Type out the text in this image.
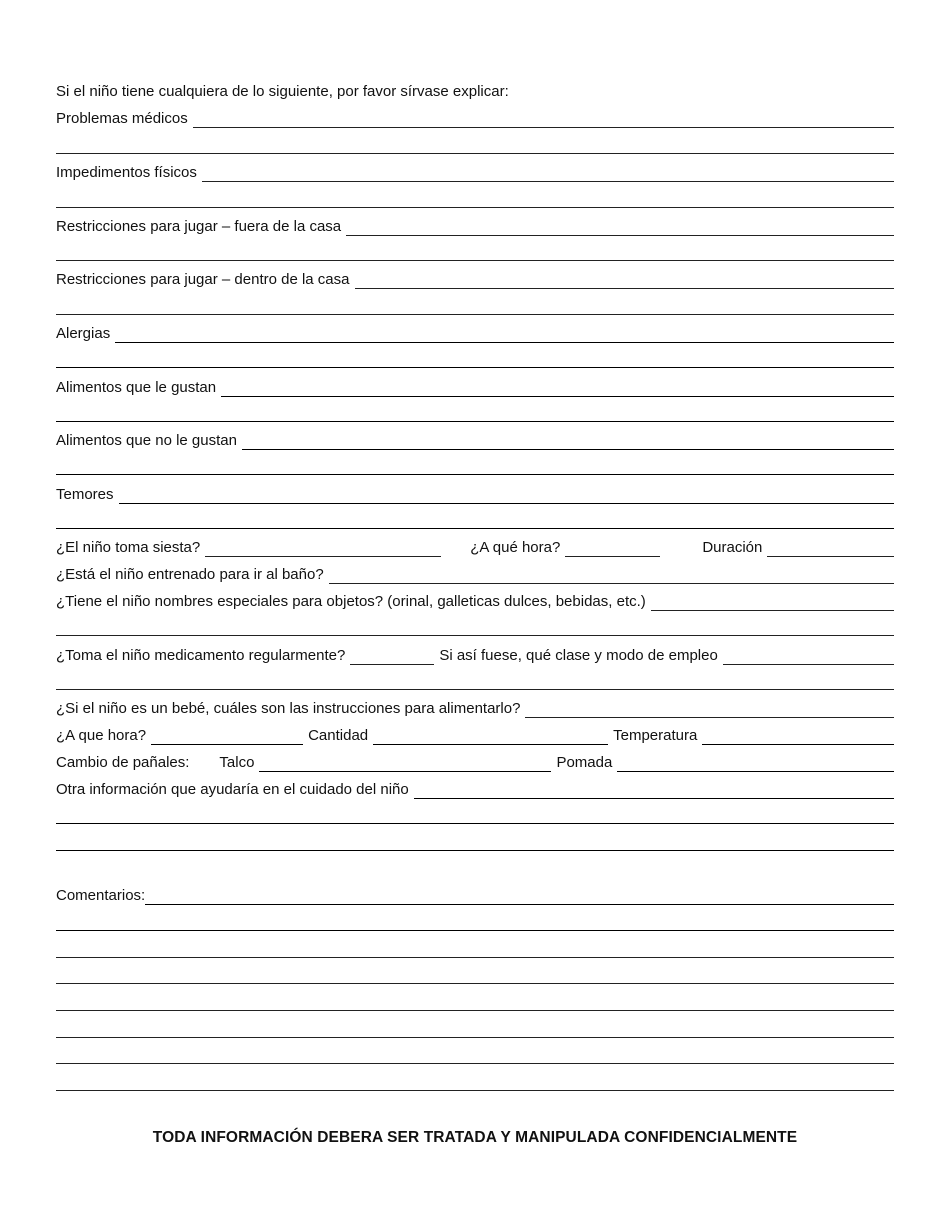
Si el niño tiene cualquiera de lo siguiente, por favor sírvase explicar:
Problemas médicos
Impedimentos físicos
Restricciones para jugar – fuera de la casa
Restricciones para jugar – dentro de la casa
Alergias
Alimentos que le gustan
Alimentos que no le gustan
Temores
¿El niño toma siesta?	¿A qué hora?	Duración
¿Está el niño entrenado para ir al baño?
¿Tiene el niño nombres especiales para objetos? (orinal, galleticas dulces, bebidas, etc.)
¿Toma el niño medicamento regularmente?	Si así fuese, qué clase y modo de empleo
¿Si el niño es un bebé, cuáles son las instrucciones para alimentarlo?
¿A que hora?	Cantidad	Temperatura
Cambio de pañales: Talco	Pomada
Otra información que ayudaría en el cuidado del niño
Comentarios:
TODA INFORMACIÓN DEBERA SER TRATADA Y MANIPULADA CONFIDENCIALMENTE
